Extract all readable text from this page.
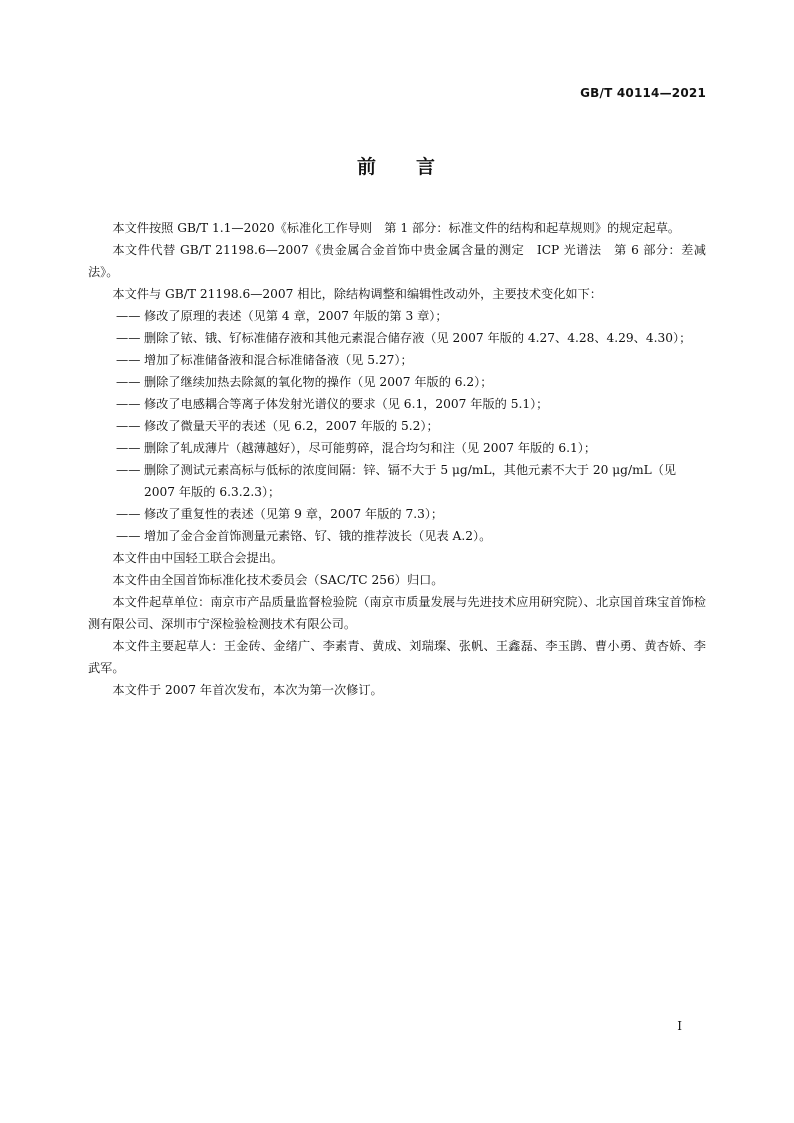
GB/T 40114—2021
前 言

本文件按照 GB/T 1.1—2020《标准化工作导则　第 1 部分：标准文件的结构和起草规则》的规定起草。

本文件代替 GB/T 21198.6—2007《贵金属合金首饰中贵金属含量的测定　ICP 光谱法　第 6 部分：差减法》。

本文件与 GB/T 21198.6—2007 相比，除结构调整和编辑性改动外，主要技术变化如下：

—— 修改了原理的表述（见第 4 章，2007 年版的第 3 章）；
—— 删除了铱、锇、钌标准储存液和其他元素混合储存液（见 2007 年版的 4.27、4.28、4.29、4.30）；
—— 增加了标准储备液和混合标准储备液（见 5.27）；
—— 删除了继续加热去除氮的氧化物的操作（见 2007 年版的 6.2）；
—— 修改了电感耦合等离子体发射光谱仪的要求（见 6.1，2007 年版的 5.1）；
—— 修改了微量天平的表述（见 6.2，2007 年版的 5.2）；
—— 删除了轧成薄片（越薄越好），尽可能剪碎，混合均匀和注（见 2007 年版的 6.1）；
—— 删除了测试元素高标与低标的浓度间隔：锌、镉不大于 5 μg/mL，其他元素不大于 20 μg/mL（见 2007 年版的 6.3.2.3）；
—— 修改了重复性的表述（见第 9 章，2007 年版的 7.3）；
—— 增加了金合金首饰测量元素铬、钌、锇的推荐波长（见表 A.2）。

本文件由中国轻工联合会提出。

本文件由全国首饰标准化技术委员会（SAC/TC 256）归口。

本文件起草单位：南京市产品质量监督检验院（南京市质量发展与先进技术应用研究院）、北京国首珠宝首饰检测有限公司、深圳市宁深检验检测技术有限公司。

本文件主要起草人：王金砖、金绪广、李素青、黄成、刘瑞璨、张帆、王鑫磊、李玉鹍、曹小勇、黄杏娇、李武军。

本文件于 2007 年首次发布，本次为第一次修订。

I
